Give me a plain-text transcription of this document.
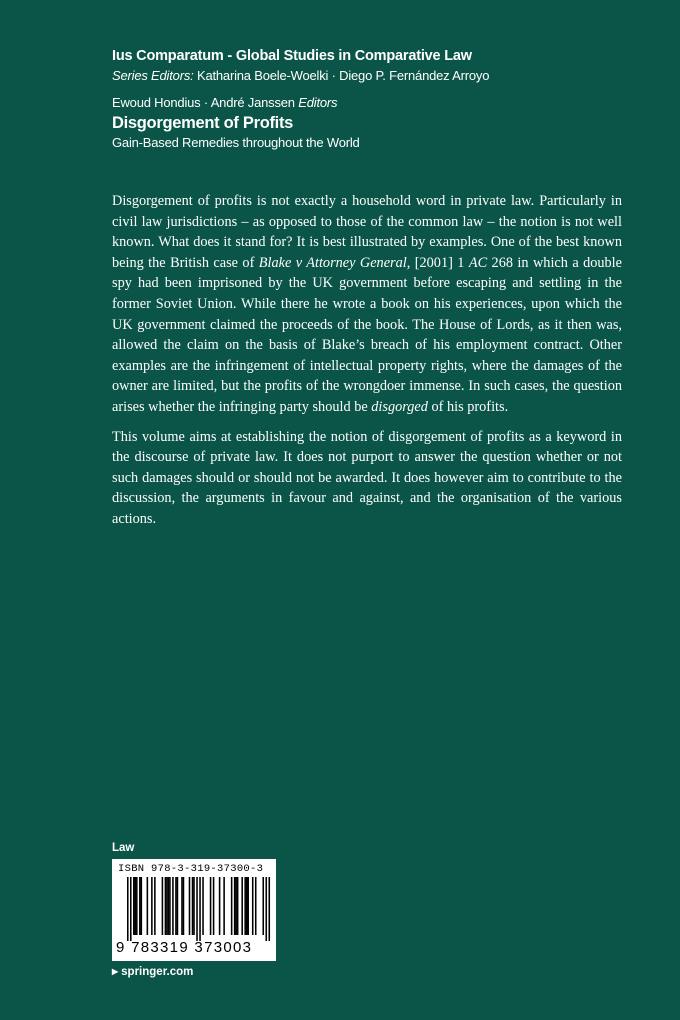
Ius Comparatum - Global Studies in Comparative Law
Series Editors: Katharina Boele-Woelki · Diego P. Fernández Arroyo
Ewoud Hondius · André Janssen Editors
Disgorgement of Profits
Gain-Based Remedies throughout the World

Disgorgement of profits is not exactly a household word in private law. Particularly in civil law jurisdictions – as opposed to those of the common law – the notion is not well known. What does it stand for? It is best illustrated by examples. One of the best known being the British case of Blake v Attorney General, [2001] 1 AC 268 in which a double spy had been imprisoned by the UK government before escaping and settling in the former Soviet Union. While there he wrote a book on his experiences, upon which the UK government claimed the proceeds of the book. The House of Lords, as it then was, allowed the claim on the basis of Blake’s breach of his employment contract. Other examples are the infringement of intellectual property rights, where the damages of the owner are limited, but the profits of the wrongdoer immense. In such cases, the question arises whether the infringing party should be disgorged of his profits.

This volume aims at establishing the notion of disgorgement of profits as a keyword in the discourse of private law. It does not purport to answer the question whether or not such damages should or should not be awarded. It does however aim to contribute to the discussion, the arguments in favour and against, and the organisation of the various actions.

Law
ISBN 978-3-319-37300-3
9 783319 373003
▶ springer.com
